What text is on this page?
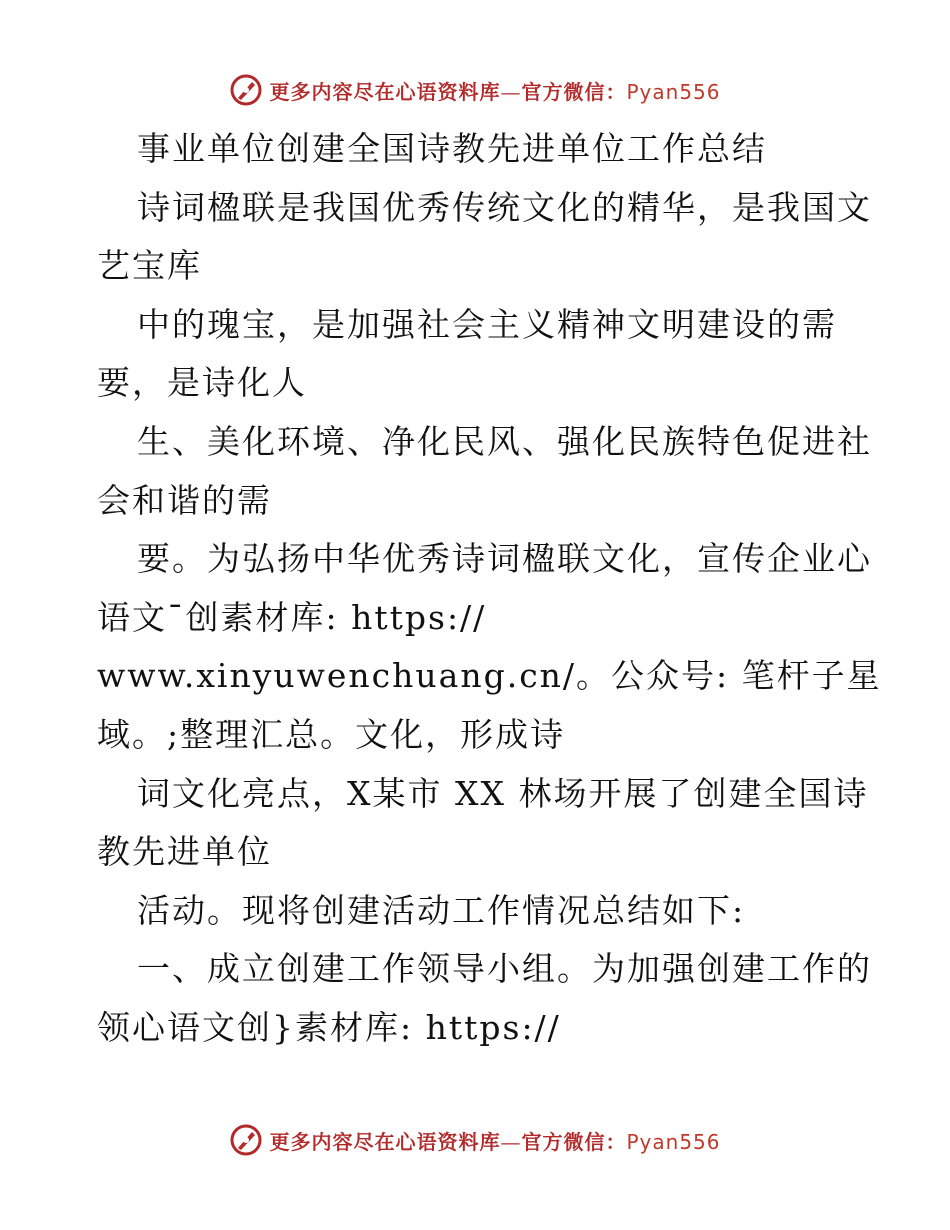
更多内容尽在心语资料库—官方微信：Pyan556
事业单位创建全国诗教先进单位工作总结
诗词楹联是我国优秀传统文化的精华，是我国文
艺宝库
中的瑰宝，是加强社会主义精神文明建设的需
要，是诗化人
生、美化环境、净化民风、强化民族特色促进社
会和谐的需
要。为弘扬中华优秀诗词楹联文化，宣传企业心
语文¯创素材库: https://
www.xinyuwenchuang.cn/。公众号: 笔杆子星
域。;整理汇总。文化，形成诗
词文化亮点，X某市 XX 林场开展了创建全国诗
教先进单位
活动。现将创建活动工作情况总结如下:
一、成立创建工作领导小组。为加强创建工作的
领心语文创}素材库: https://
更多内容尽在心语资料库—官方微信：Pyan556
